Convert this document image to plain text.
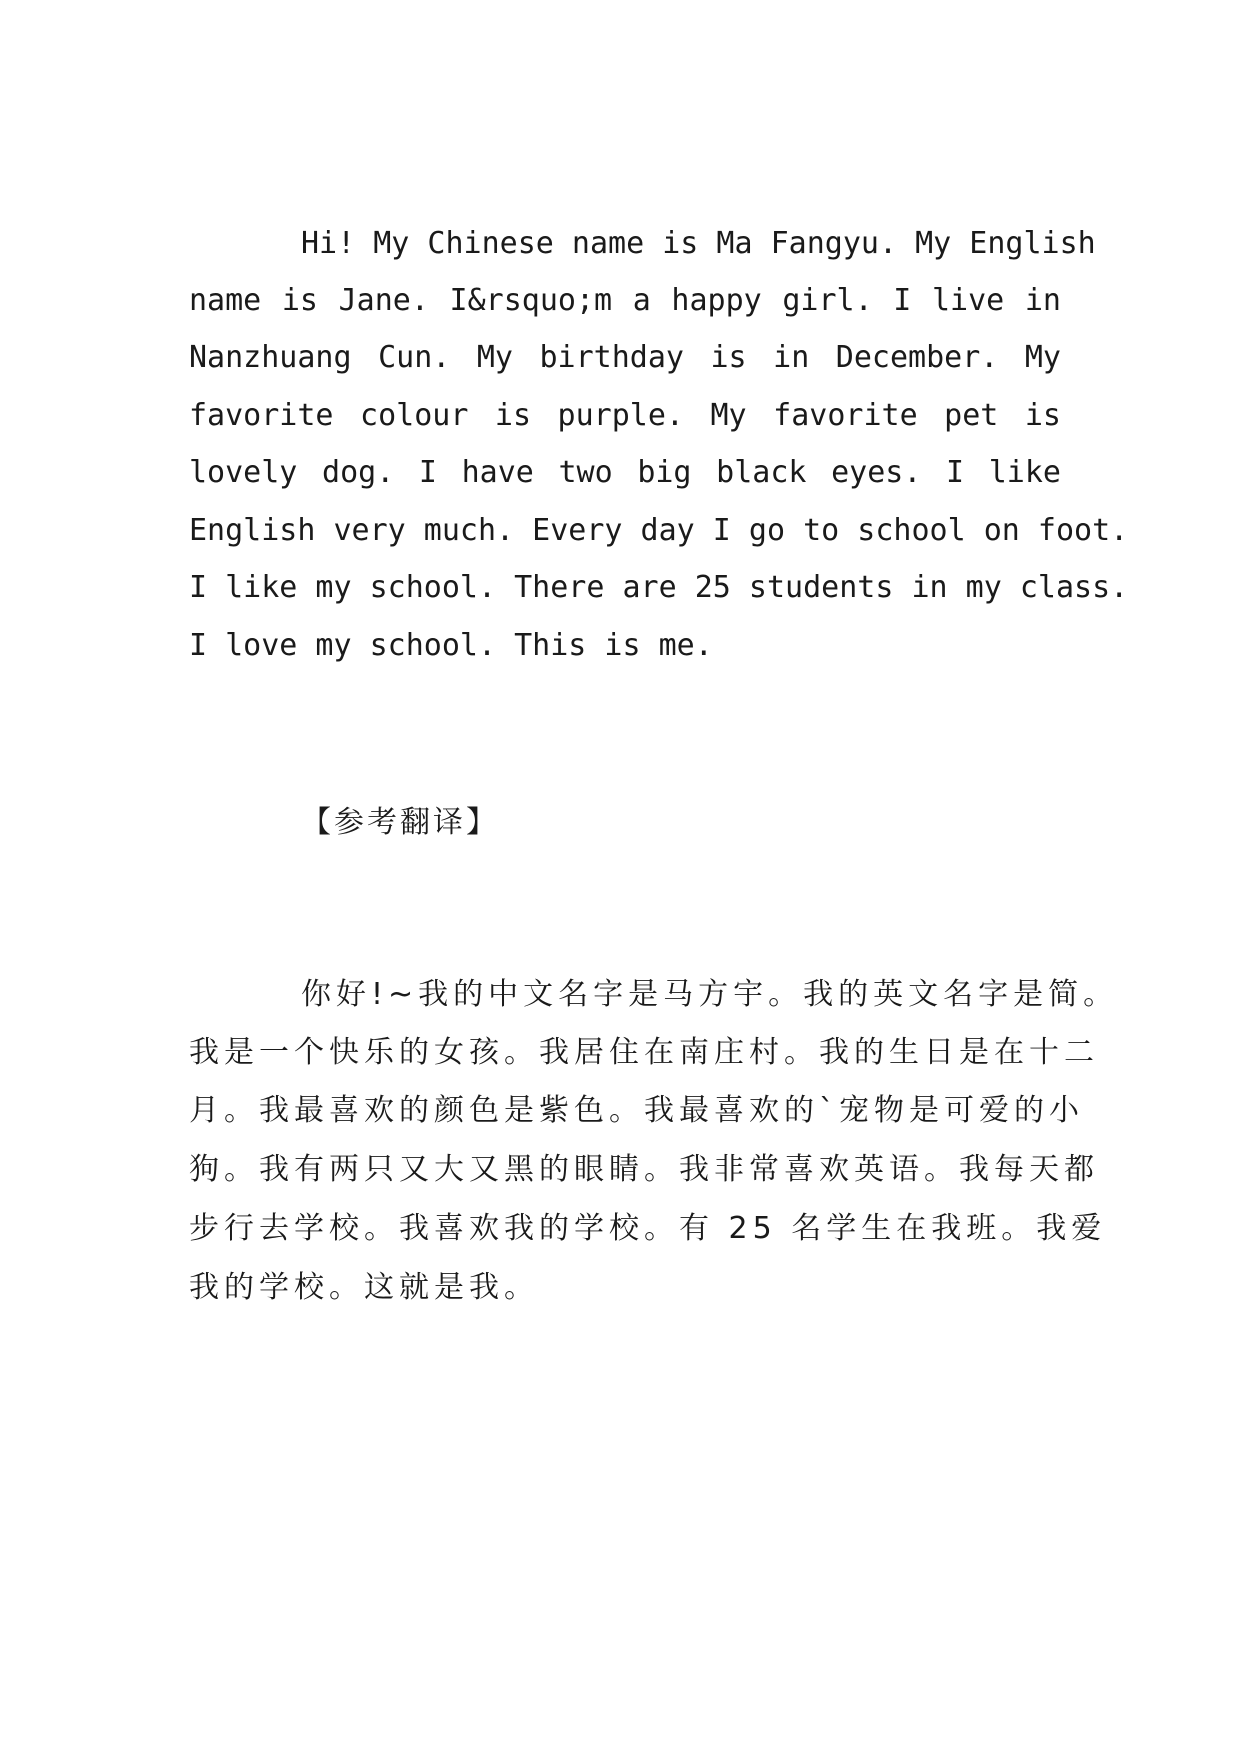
Hi! My Chinese name is Ma Fangyu. My English
name is Jane. I&rsquo;m a happy girl. I live in
Nanzhuang Cun. My birthday is in December. My
favorite colour is purple. My favorite pet is
lovely dog. I have two big black eyes. I like
English very much. Every day I go to school on foot.
I like my school. There are 25 students in my class.
I love my school. This is me.
【参考翻译】
你好!~我的中文名字是马方宇。我的英文名字是简。
我是一个快乐的女孩。我居住在南庄村。我的生日是在十二
月。我最喜欢的颜色是紫色。我最喜欢的`宠物是可爱的小
狗。我有两只又大又黑的眼睛。我非常喜欢英语。我每天都
步行去学校。我喜欢我的学校。有 25 名学生在我班。我爱
我的学校。这就是我。
